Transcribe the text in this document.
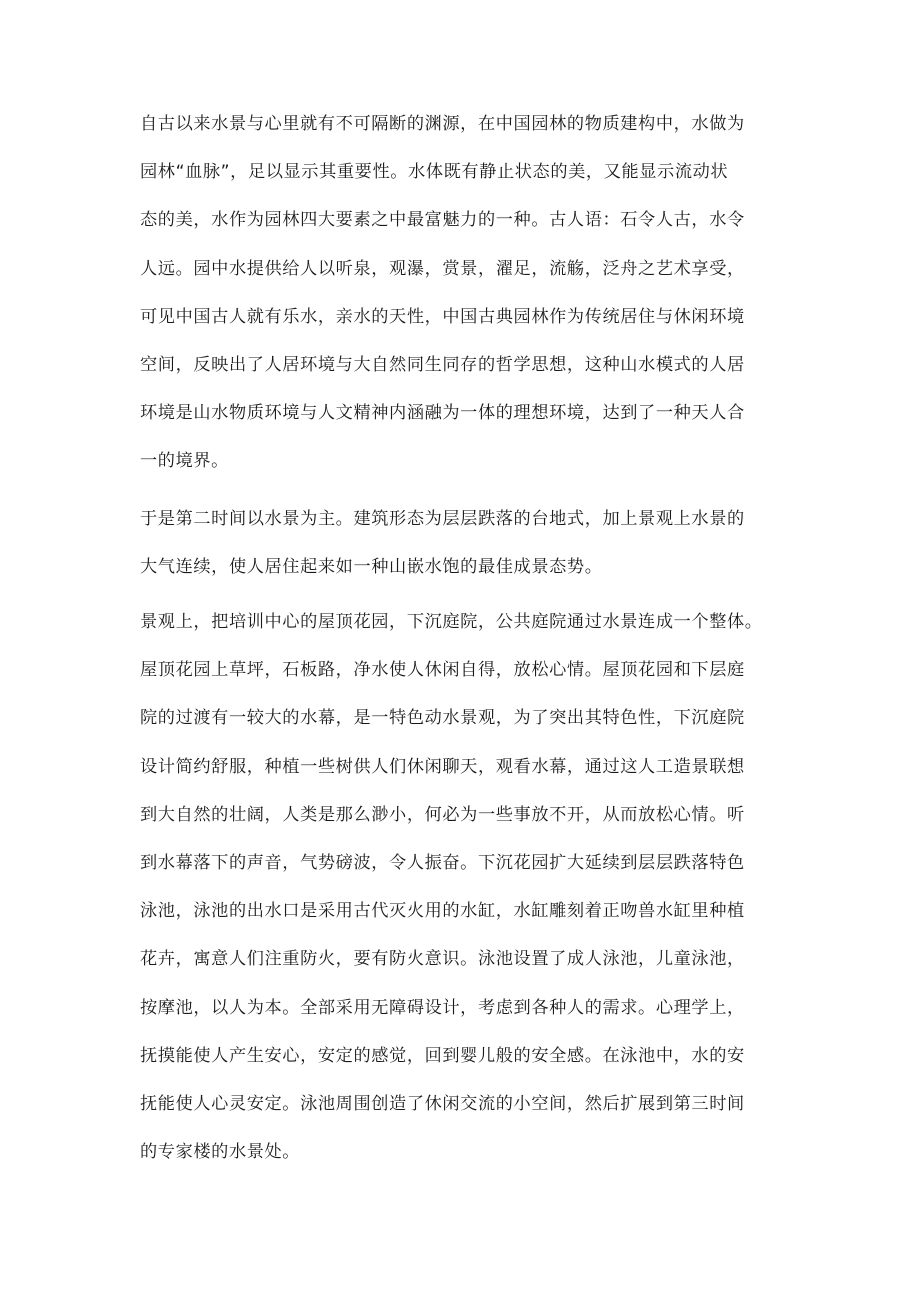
自古以来水景与心里就有不可隔断的渊源，在中国园林的物质建构中，水做为
园林“血脉”，足以显示其重要性。水体既有静止状态的美，又能显示流动状
态的美，水作为园林四大要素之中最富魅力的一种。古人语：石令人古，水令
人远。园中水提供给人以听泉，观瀑，赏景，濯足，流觞，泛舟之艺术享受，
可见中国古人就有乐水，亲水的天性，中国古典园林作为传统居住与休闲环境
空间，反映出了人居环境与大自然同生同存的哲学思想，这种山水模式的人居
环境是山水物质环境与人文精神内涵融为一体的理想环境，达到了一种天人合
一的境界。
于是第二时间以水景为主。建筑形态为层层跌落的台地式，加上景观上水景的
大气连续，使人居住起来如一种山嵌水饱的最佳成景态势。
景观上，把培训中心的屋顶花园，下沉庭院，公共庭院通过水景连成一个整体。
屋顶花园上草坪，石板路，净水使人休闲自得，放松心情。屋顶花园和下层庭
院的过渡有一较大的水幕，是一特色动水景观，为了突出其特色性，下沉庭院
设计简约舒服，种植一些树供人们休闲聊天，观看水幕，通过这人工造景联想
到大自然的壮阔，人类是那么渺小，何必为一些事放不开，从而放松心情。听
到水幕落下的声音，气势磅波，令人振奋。下沉花园扩大延续到层层跌落特色
泳池，泳池的出水口是采用古代灭火用的水缸，水缸雕刻着正吻兽水缸里种植
花卉，寓意人们注重防火，要有防火意识。泳池设置了成人泳池，儿童泳池，
按摩池，以人为本。全部采用无障碍设计，考虑到各种人的需求。心理学上，
抚摸能使人产生安心，安定的感觉，回到婴儿般的安全感。在泳池中，水的安
抚能使人心灵安定。泳池周围创造了休闲交流的小空间，然后扩展到第三时间
的专家楼的水景处。
